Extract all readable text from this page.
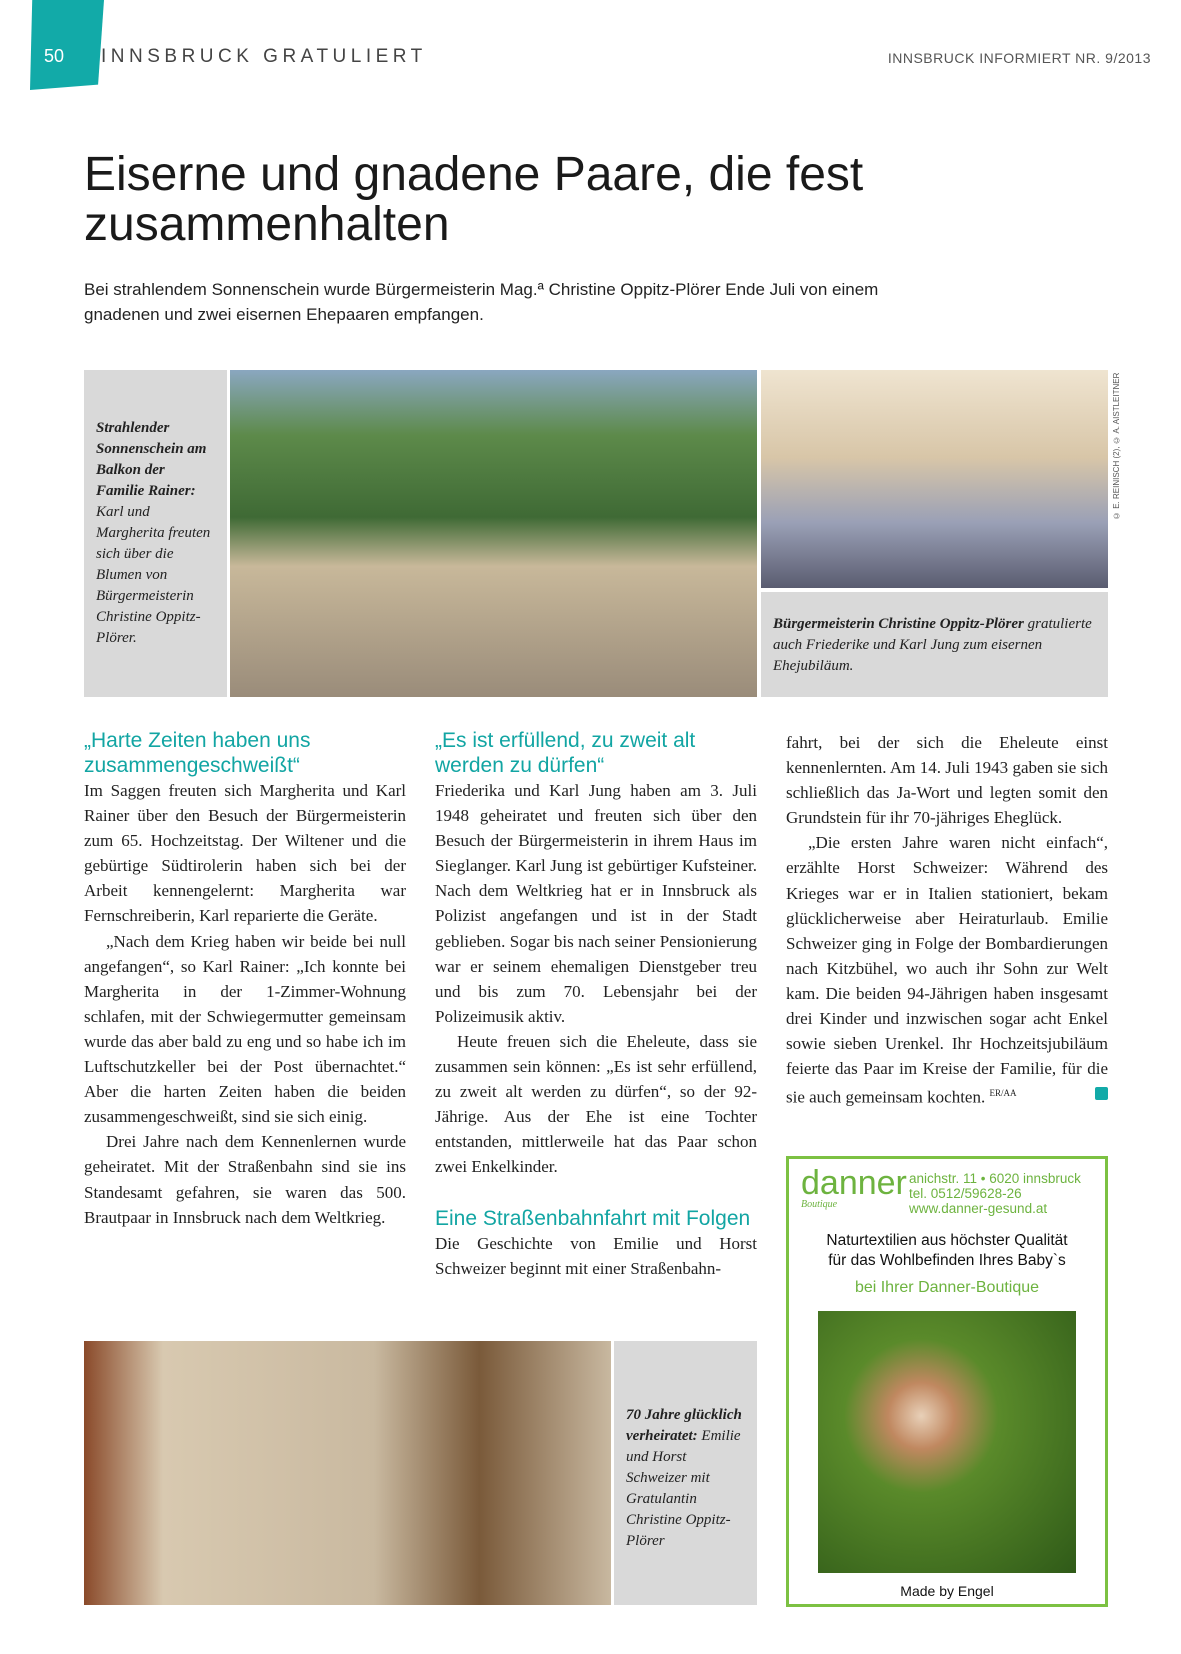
50 INNSBRUCK GRATULIERT	INNSBRUCK INFORMIERT NR. 9/2013
Eiserne und gnadene Paare, die fest zusammenhalten

Bei strahlendem Sonnenschein wurde Bürgermeisterin Mag.ª Christine Oppitz-Plörer Ende Juli von einem gnadenen und zwei eisernen Ehepaaren empfangen.

Strahlender Sonnenschein am Balkon der Familie Rainer: Karl und Margherita freuten sich über die Blumen von Bürgermeisterin Christine Oppitz-Plörer.
Bürgermeisterin Christine Oppitz-Plörer gratulierte auch Friederike und Karl Jung zum eisernen Ehejubiläum.
© E. REINISCH (2), © A. AISTLEITNER
„Harte Zeiten haben uns zusammengeschweißt“

Im Saggen freuten sich Margherita und Karl Rainer über den Besuch der Bürgermeisterin zum 65. Hochzeitstag. Der Wiltener und die gebürtige Südtirolerin haben sich bei der Arbeit kennengelernt: Margherita war Fernschreiberin, Karl reparierte die Geräte.

„Nach dem Krieg haben wir beide bei null angefangen“, so Karl Rainer: „Ich konnte bei Margherita in der 1-Zimmer-Wohnung schlafen, mit der Schwiegermutter gemeinsam wurde das aber bald zu eng und so habe ich im Luftschutzkeller bei der Post übernachtet.“ Aber die harten Zeiten haben die beiden zusammengeschweißt, sind sie sich einig.

Drei Jahre nach dem Kennenlernen wurde geheiratet. Mit der Straßenbahn sind sie ins Standesamt gefahren, sie waren das 500. Brautpaar in Innsbruck nach dem Weltkrieg.

„Es ist erfüllend, zu zweit alt werden zu dürfen“

Friederika und Karl Jung haben am 3. Juli 1948 geheiratet und freuten sich über den Besuch der Bürgermeisterin in ihrem Haus im Sieglanger. Karl Jung ist gebürtiger Kufsteiner. Nach dem Weltkrieg hat er in Innsbruck als Polizist angefangen und ist in der Stadt geblieben. Sogar bis nach seiner Pensionierung war er seinem ehemaligen Dienstgeber treu und bis zum 70. Lebensjahr bei der Polizeimusik aktiv.

Heute freuen sich die Eheleute, dass sie zusammen sein können: „Es ist sehr erfüllend, zu zweit alt werden zu dürfen“, so der 92-Jährige. Aus der Ehe ist eine Tochter entstanden, mittlerweile hat das Paar schon zwei Enkelkinder.

Eine Straßenbahnfahrt mit Folgen

Die Geschichte von Emilie und Horst Schweizer beginnt mit einer Straßenbahn-

fahrt, bei der sich die Eheleute einst kennenlernten. Am 14. Juli 1943 gaben sie sich schließlich das Ja-Wort und legten somit den Grundstein für ihr 70-jähriges Eheglück.

„Die ersten Jahre waren nicht einfach“, erzählte Horst Schweizer: Während des Krieges war er in Italien stationiert, bekam glücklicherweise aber Heiraturlaub. Emilie Schweizer ging in Folge der Bombardierungen nach Kitzbühel, wo auch ihr Sohn zur Welt kam. Die beiden 94-Jährigen haben insgesamt drei Kinder und inzwischen sogar acht Enkel sowie sieben Urenkel. Ihr Hochzeitsjubiläum feierte das Paar im Kreise der Familie, für die sie auch gemeinsam kochten. $^{ER/AA}$

70 Jahre glücklich verheiratet: Emilie und Horst Schweizer mit Gratulantin Christine Oppitz-Plörer
danner
Boutique
anichstr. 11 • 6020 innsbruck
tel. 0512/59628-26
www.danner-gesund.at
Naturtextilien aus höchster Qualität
für das Wohlbefinden Ihres Baby`s
bei Ihrer Danner-Boutique
Made by Engel
